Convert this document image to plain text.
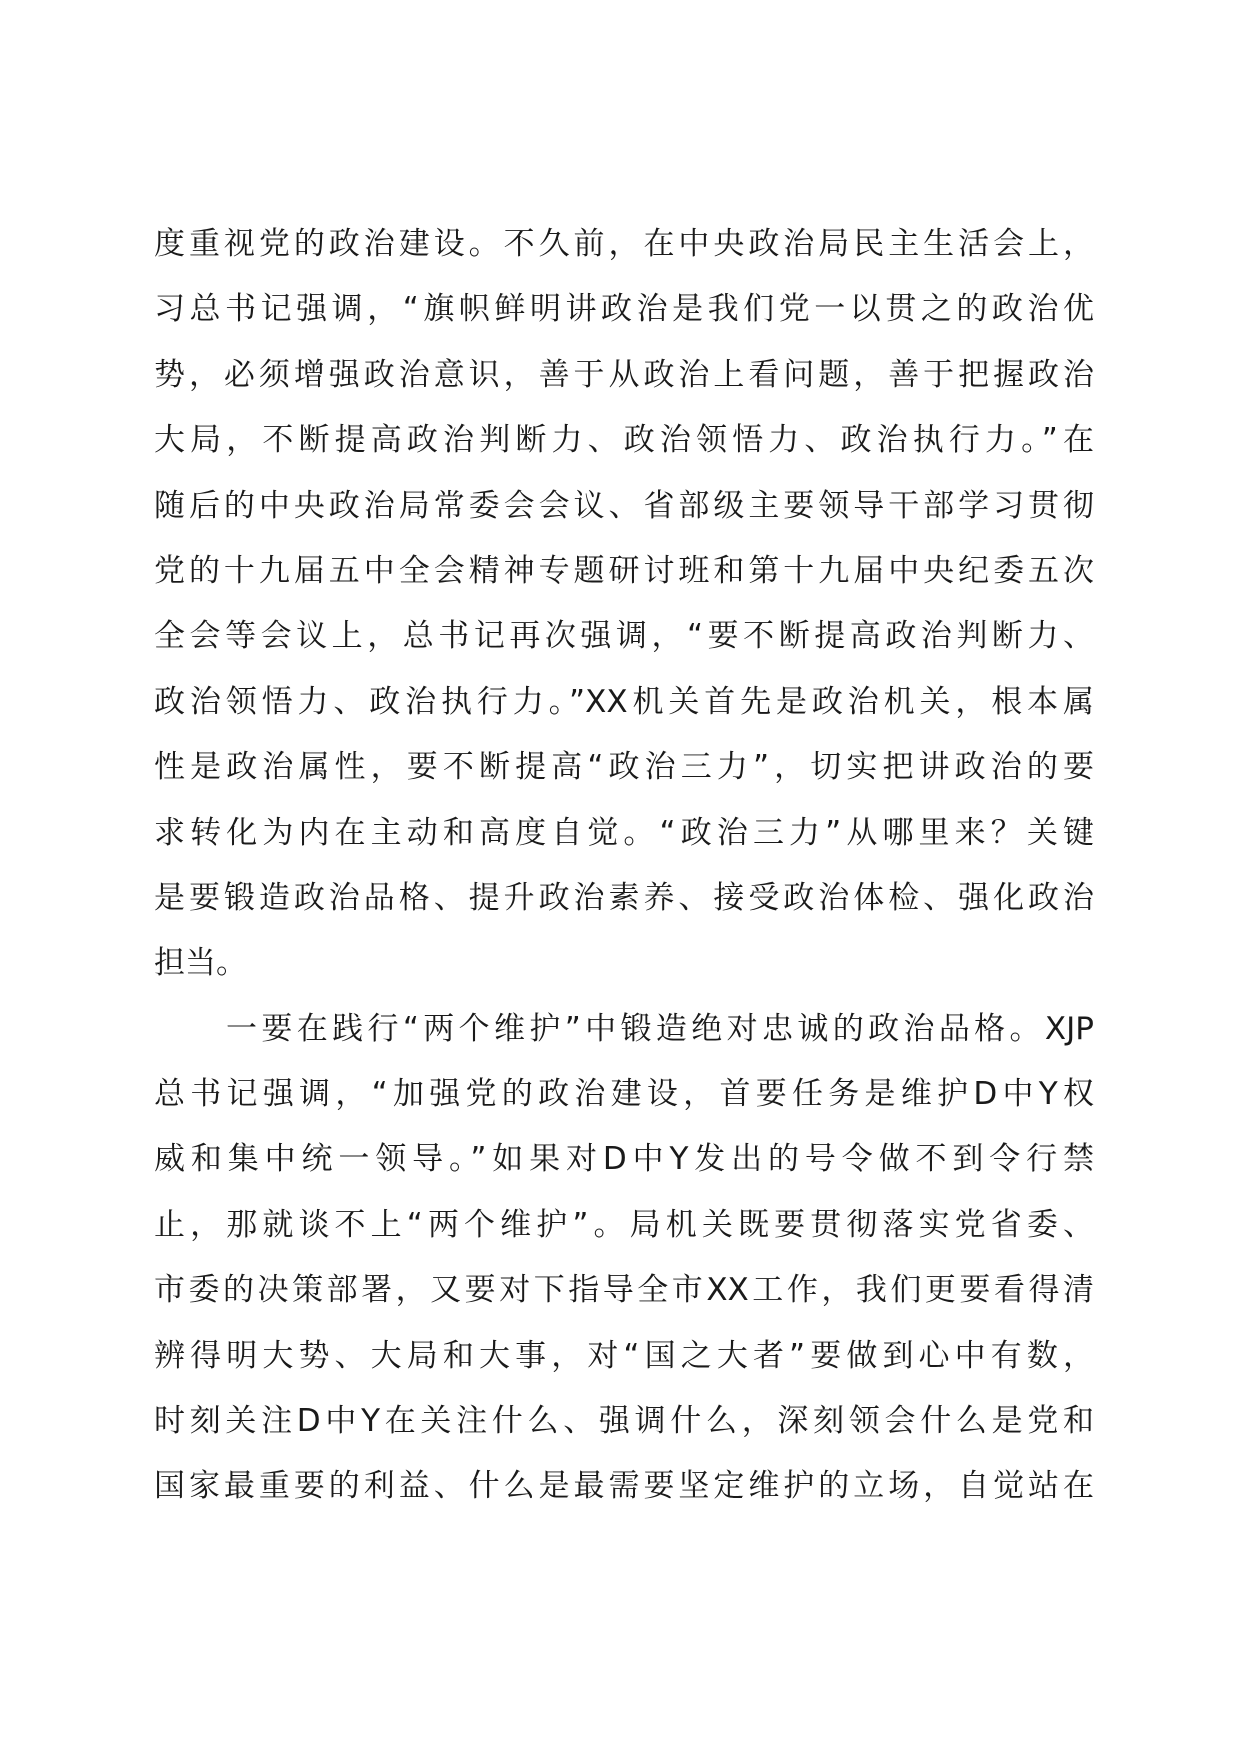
度重视党的政治建设。不久前，在中央政治局民主生活会上，
习总书记强调，“旗帜鲜明讲政治是我们党一以贯之的政治优
势，必须增强政治意识，善于从政治上看问题，善于把握政治
大局，不断提高政治判断力、政治领悟力、政治执行力。”在
随后的中央政治局常委会会议、省部级主要领导干部学习贯彻
党的十九届五中全会精神专题研讨班和第十九届中央纪委五次
全会等会议上，总书记再次强调，“要不断提高政治判断力、
政治领悟力、政治执行力。”XX机关首先是政治机关，根本属
性是政治属性，要不断提高“政治三力”，切实把讲政治的要
求转化为内在主动和高度自觉。“政治三力”从哪里来？关键
是要锻造政治品格、提升政治素养、接受政治体检、强化政治
担当。
一要在践行“两个维护”中锻造绝对忠诚的政治品格。XJP
总书记强调，“加强党的政治建设，首要任务是维护D中Y权
威和集中统一领导。”如果对D中Y发出的号令做不到令行禁
止，那就谈不上“两个维护”。局机关既要贯彻落实党省委、
市委的决策部署，又要对下指导全市XX工作，我们更要看得清
辨得明大势、大局和大事，对“国之大者”要做到心中有数，
时刻关注D中Y在关注什么、强调什么，深刻领会什么是党和
国家最重要的利益、什么是最需要坚定维护的立场，自觉站在
